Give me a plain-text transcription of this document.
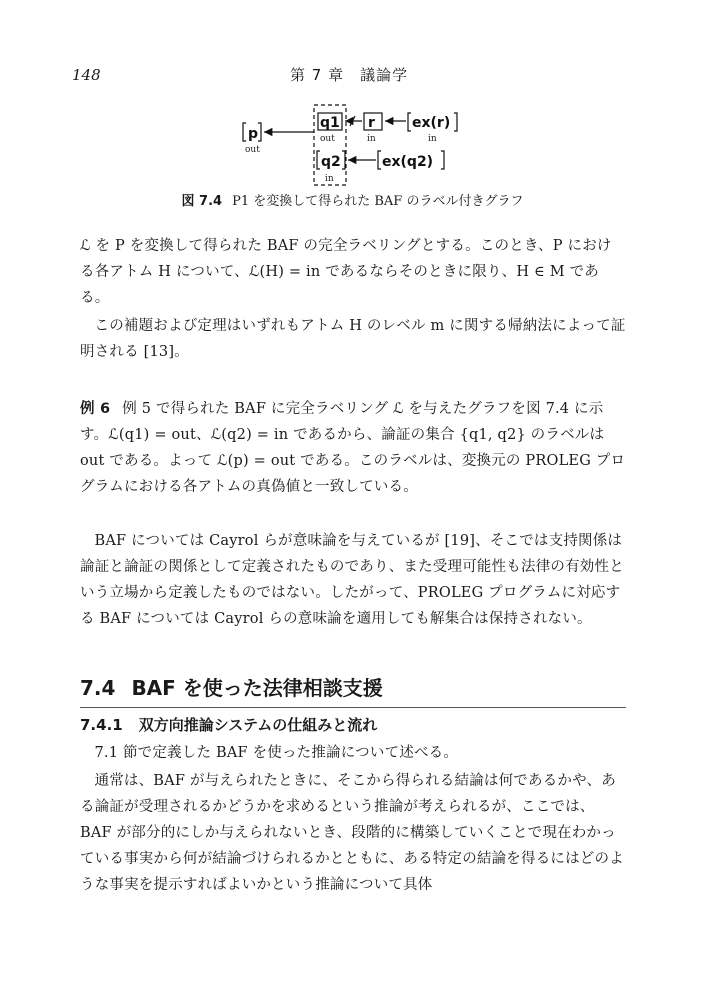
148	第 7 章　議論学
p
out
q1
out
q2
in
r
in
ex(r)
in
ex(q2)
図 7.4 P1 を変換して得られた BAF のラベル付きグラフ

ℒ を P を変換して得られた BAF の完全ラベリングとする。このとき、P における各アトム H について、ℒ(H) = in であるならそのときに限り、H ∈ M である。

この補題および定理はいずれもアトム H のレベル m に関する帰納法によって証明される [13]。

例 6 例 5 で得られた BAF に完全ラベリング ℒ を与えたグラフを図 7.4 に示す。ℒ(q1) = out、ℒ(q2) = in であるから、論証の集合 {q1, q2} のラベルは out である。よって ℒ(p) = out である。このラベルは、変換元の PROLEG プログラムにおける各アトムの真偽値と一致している。

BAF については Cayrol らが意味論を与えているが [19]、そこでは支持関係は論証と論証の関係として定義されたものであり、また受理可能性も法律の有効性という立場から定義したものではない。したがって、PROLEG プログラムに対応する BAF については Cayrol らの意味論を適用しても解集合は保持されない。

7.4 BAF を使った法律相談支援
7.4.1 双方向推論システムの仕組みと流れ

7.1 節で定義した BAF を使った推論について述べる。

通常は、BAF が与えられたときに、そこから得られる結論は何であるかや、ある論証が受理されるかどうかを求めるという推論が考えられるが、ここでは、BAF が部分的にしか与えられないとき、段階的に構築していくことで現在わかっている事実から何が結論づけられるかとともに、ある特定の結論を得るにはどのような事実を提示すればよいかという推論について具体
